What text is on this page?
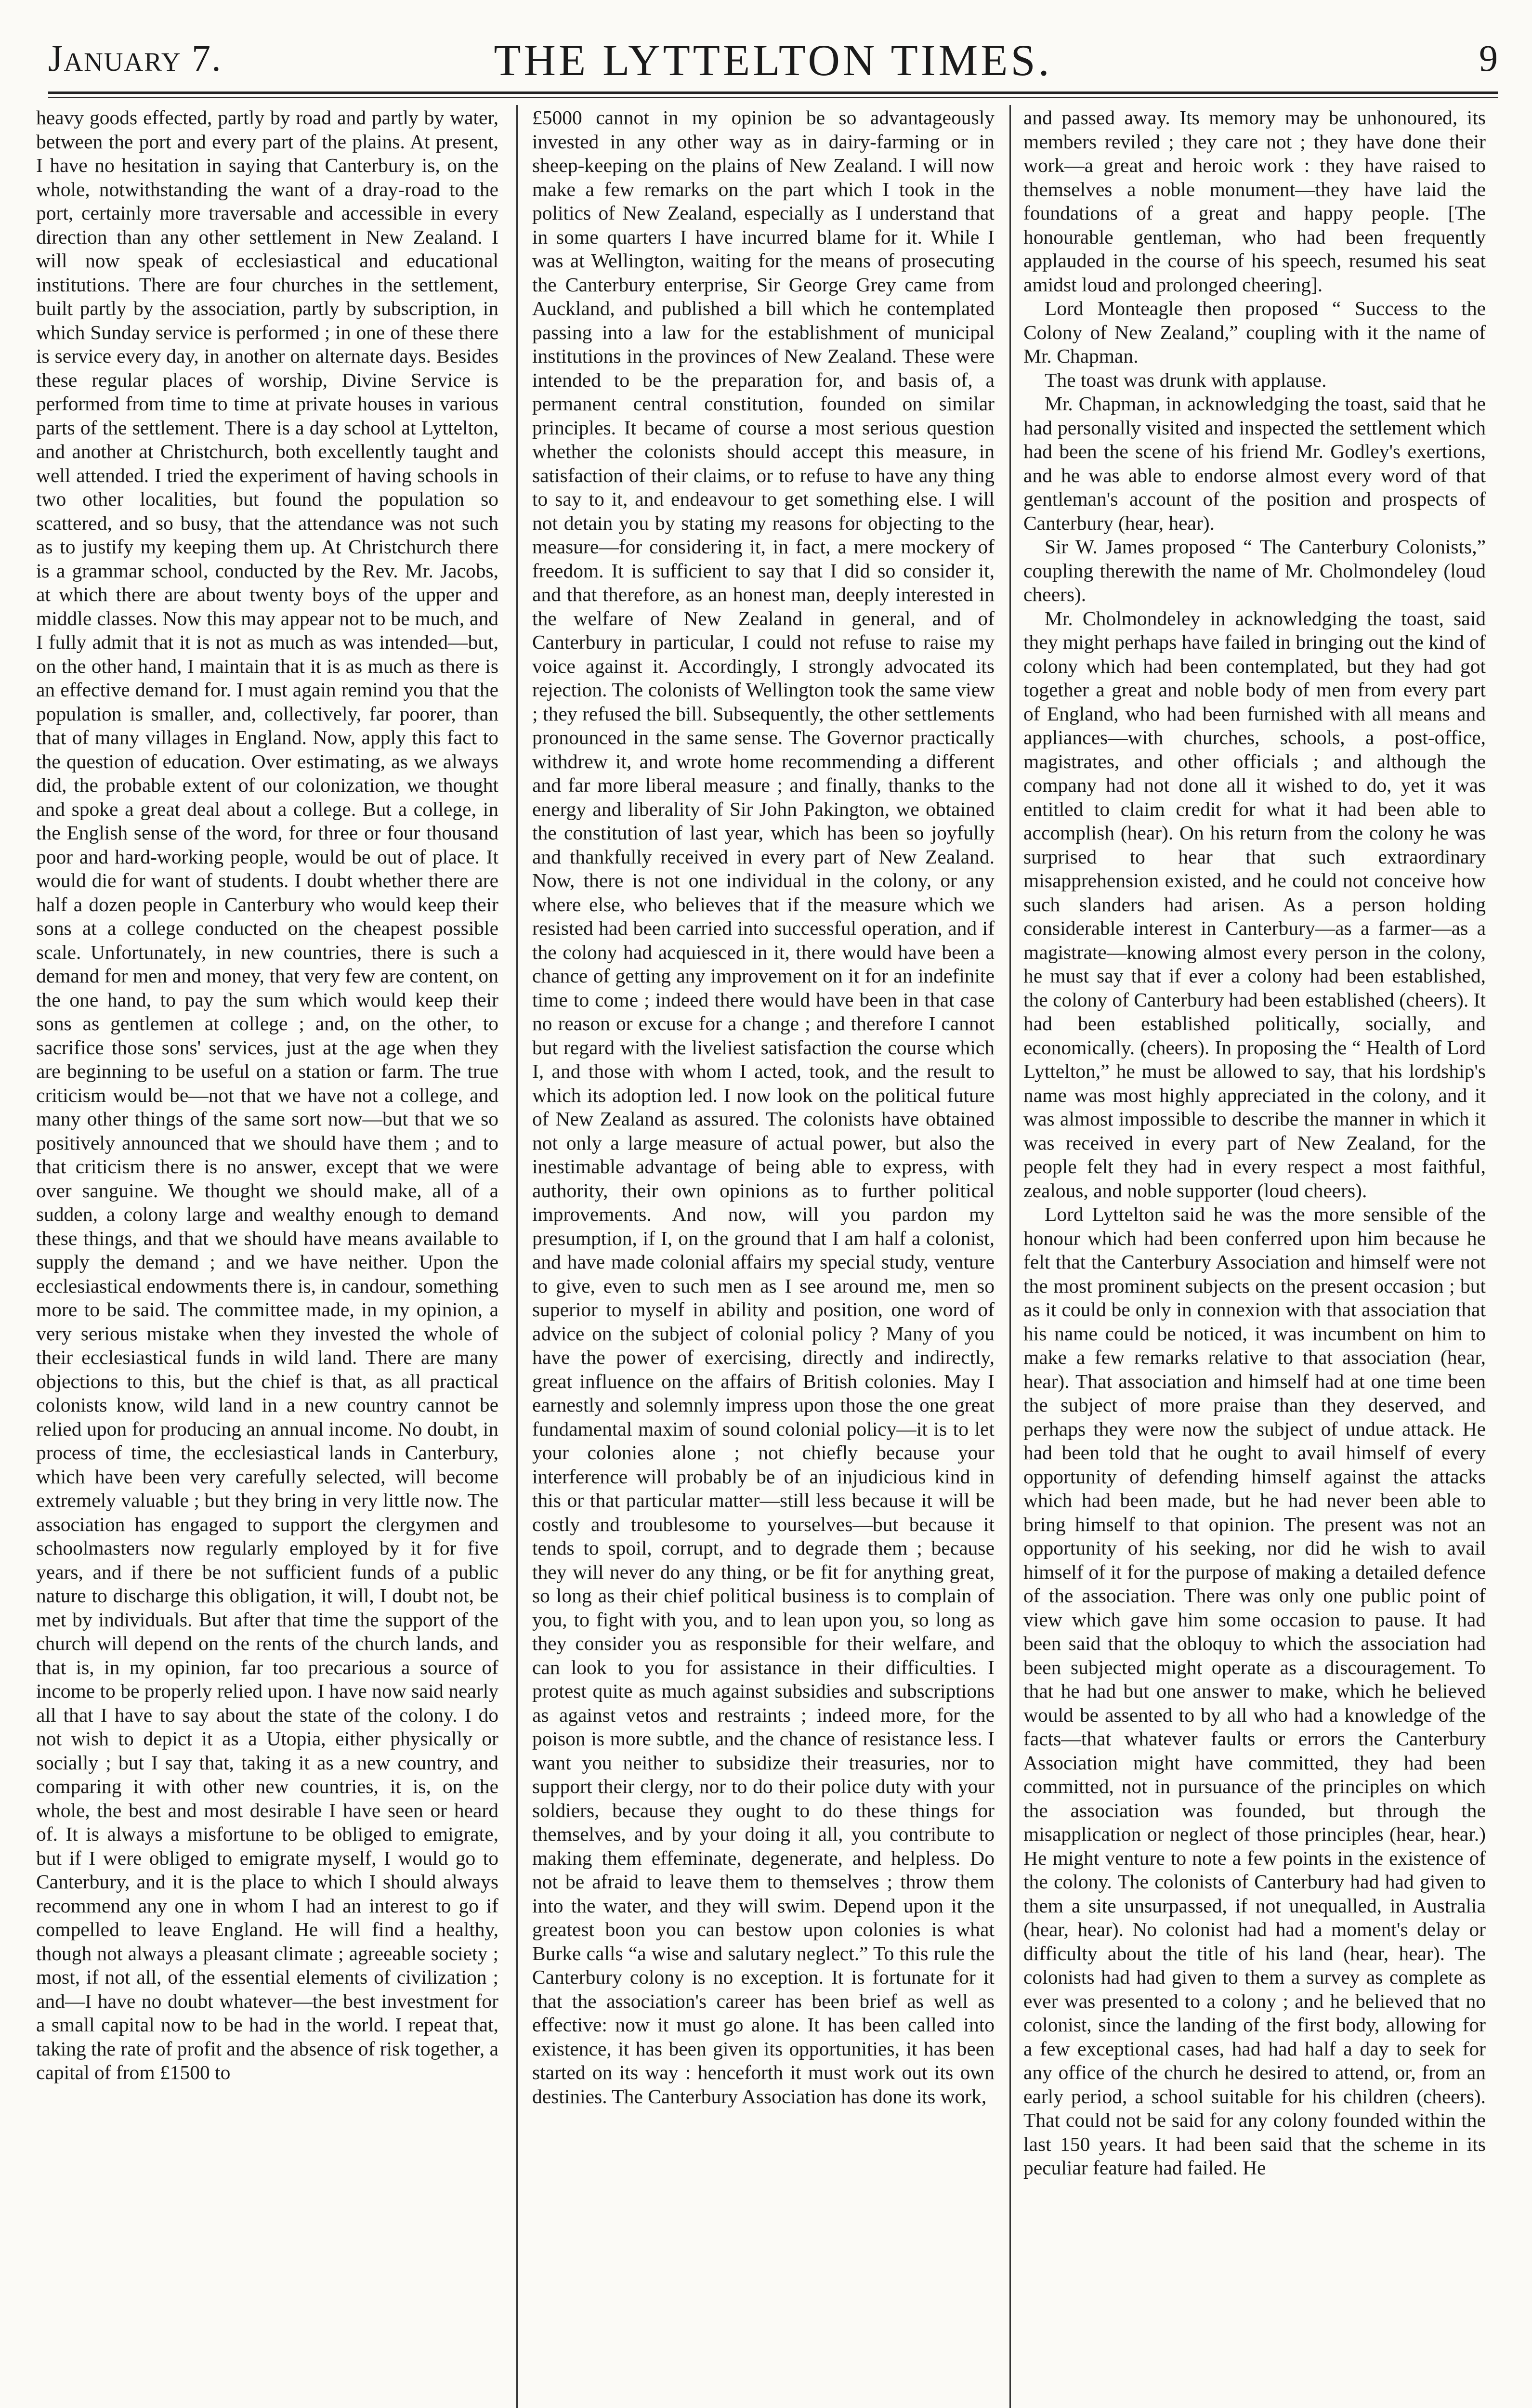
January 7.	THE LYTTELTON TIMES.	9

heavy goods effected, partly by road and partly by water, between the port and every part of the plains. At present, I have no hesitation in saying that Canterbury is, on the whole, notwithstanding the want of a dray-road to the port, certainly more traversable and accessible in every direction than any other settlement in New Zealand. I will now speak of ecclesiastical and educational institutions. There are four churches in the settlement, built partly by the association, partly by subscription, in which Sunday service is performed ; in one of these there is service every day, in another on alternate days. Besides these regular places of worship, Divine Service is performed from time to time at private houses in various parts of the settlement. There is a day school at Lyttelton, and another at Christchurch, both excellently taught and well attended. I tried the experiment of having schools in two other localities, but found the population so scattered, and so busy, that the attendance was not such as to justify my keeping them up. At Christchurch there is a grammar school, conducted by the Rev. Mr. Jacobs, at which there are about twenty boys of the upper and middle classes. Now this may appear not to be much, and I fully admit that it is not as much as was intended—but, on the other hand, I maintain that it is as much as there is an effective demand for. I must again remind you that the population is smaller, and, collectively, far poorer, than that of many villages in England. Now, apply this fact to the question of education. Over estimating, as we always did, the probable extent of our colonization, we thought and spoke a great deal about a college. But a college, in the English sense of the word, for three or four thousand poor and hard-working people, would be out of place. It would die for want of students. I doubt whether there are half a dozen people in Canterbury who would keep their sons at a college conducted on the cheapest possible scale. Unfortunately, in new countries, there is such a demand for men and money, that very few are content, on the one hand, to pay the sum which would keep their sons as gentlemen at college ; and, on the other, to sacrifice those sons' services, just at the age when they are beginning to be useful on a station or farm. The true criticism would be—not that we have not a college, and many other things of the same sort now—but that we so positively announced that we should have them ; and to that criticism there is no answer, except that we were over sanguine. We thought we should make, all of a sudden, a colony large and wealthy enough to demand these things, and that we should have means available to supply the demand ; and we have neither. Upon the ecclesiastical endowments there is, in candour, something more to be said. The committee made, in my opinion, a very serious mistake when they invested the whole of their ecclesiastical funds in wild land. There are many objections to this, but the chief is that, as all practical colonists know, wild land in a new country cannot be relied upon for producing an annual income. No doubt, in process of time, the ecclesiastical lands in Canterbury, which have been very carefully selected, will become extremely valuable ; but they bring in very little now. The association has engaged to support the clergymen and schoolmasters now regularly employed by it for five years, and if there be not sufficient funds of a public nature to discharge this obligation, it will, I doubt not, be met by individuals. But after that time the support of the church will depend on the rents of the church lands, and that is, in my opinion, far too precarious a source of income to be properly relied upon. I have now said nearly all that I have to say about the state of the colony. I do not wish to depict it as a Utopia, either physically or socially ; but I say that, taking it as a new country, and comparing it with other new countries, it is, on the whole, the best and most desirable I have seen or heard of. It is always a misfortune to be obliged to emigrate, but if I were obliged to emigrate myself, I would go to Canterbury, and it is the place to which I should always recommend any one in whom I had an interest to go if compelled to leave England. He will find a healthy, though not always a pleasant climate ; agreeable society ; most, if not all, of the essential elements of civilization ; and—I have no doubt whatever—the best investment for a small capital now to be had in the world. I repeat that, taking the rate of profit and the absence of risk together, a capital of from £1500 to

£5000 cannot in my opinion be so advantageously invested in any other way as in dairy-farming or in sheep-keeping on the plains of New Zealand. I will now make a few remarks on the part which I took in the politics of New Zealand, especially as I understand that in some quarters I have incurred blame for it. While I was at Wellington, waiting for the means of prosecuting the Canterbury enterprise, Sir George Grey came from Auckland, and published a bill which he contemplated passing into a law for the establishment of municipal institutions in the provinces of New Zealand. These were intended to be the preparation for, and basis of, a permanent central constitution, founded on similar principles. It became of course a most serious question whether the colonists should accept this measure, in satisfaction of their claims, or to refuse to have any thing to say to it, and endeavour to get something else. I will not detain you by stating my reasons for objecting to the measure—for considering it, in fact, a mere mockery of freedom. It is sufficient to say that I did so consider it, and that therefore, as an honest man, deeply interested in the welfare of New Zealand in general, and of Canterbury in particular, I could not refuse to raise my voice against it. Accordingly, I strongly advocated its rejection. The colonists of Wellington took the same view ; they refused the bill. Subsequently, the other settlements pronounced in the same sense. The Governor practically withdrew it, and wrote home recommending a different and far more liberal measure ; and finally, thanks to the energy and liberality of Sir John Pakington, we obtained the constitution of last year, which has been so joyfully and thankfully received in every part of New Zealand. Now, there is not one individual in the colony, or any where else, who believes that if the measure which we resisted had been carried into successful operation, and if the colony had acquiesced in it, there would have been a chance of getting any improvement on it for an indefinite time to come ; indeed there would have been in that case no reason or excuse for a change ; and therefore I cannot but regard with the liveliest satisfaction the course which I, and those with whom I acted, took, and the result to which its adoption led. I now look on the political future of New Zealand as assured. The colonists have obtained not only a large measure of actual power, but also the inestimable advantage of being able to express, with authority, their own opinions as to further political improvements. And now, will you pardon my presumption, if I, on the ground that I am half a colonist, and have made colonial affairs my special study, venture to give, even to such men as I see around me, men so superior to myself in ability and position, one word of advice on the subject of colonial policy ? Many of you have the power of exercising, directly and indirectly, great influence on the affairs of British colonies. May I earnestly and solemnly impress upon those the one great fundamental maxim of sound colonial policy—it is to let your colonies alone ; not chiefly because your interference will probably be of an injudicious kind in this or that particular matter—still less because it will be costly and troublesome to yourselves—but because it tends to spoil, corrupt, and to degrade them ; because they will never do any thing, or be fit for anything great, so long as their chief political business is to complain of you, to fight with you, and to lean upon you, so long as they consider you as responsible for their welfare, and can look to you for assistance in their difficulties. I protest quite as much against subsidies and subscriptions as against vetos and restraints ; indeed more, for the poison is more subtle, and the chance of resistance less. I want you neither to subsidize their treasuries, nor to support their clergy, nor to do their police duty with your soldiers, because they ought to do these things for themselves, and by your doing it all, you contribute to making them effeminate, degenerate, and helpless. Do not be afraid to leave them to themselves ; throw them into the water, and they will swim. Depend upon it the greatest boon you can bestow upon colonies is what Burke calls “a wise and salutary neglect.” To this rule the Canterbury colony is no exception. It is fortunate for it that the association's career has been brief as well as effective: now it must go alone. It has been called into existence, it has been given its opportunities, it has been started on its way : henceforth it must work out its own destinies. The Canterbury Association has done its work,

and passed away. Its memory may be unhonoured, its members reviled ; they care not ; they have done their work—a great and heroic work : they have raised to themselves a noble monument—they have laid the foundations of a great and happy people. [The honourable gentleman, who had been frequently applauded in the course of his speech, resumed his seat amidst loud and prolonged cheering].

Lord Monteagle then proposed “ Success to the Colony of New Zealand,” coupling with it the name of Mr. Chapman.

The toast was drunk with applause.

Mr. Chapman, in acknowledging the toast, said that he had personally visited and inspected the settlement which had been the scene of his friend Mr. Godley's exertions, and he was able to endorse almost every word of that gentleman's account of the position and prospects of Canterbury (hear, hear).

Sir W. James proposed “ The Canterbury Colonists,” coupling therewith the name of Mr. Cholmondeley (loud cheers).

Mr. Cholmondeley in acknowledging the toast, said they might perhaps have failed in bringing out the kind of colony which had been contemplated, but they had got together a great and noble body of men from every part of England, who had been furnished with all means and appliances—with churches, schools, a post-office, magistrates, and other officials ; and although the company had not done all it wished to do, yet it was entitled to claim credit for what it had been able to accomplish (hear). On his return from the colony he was surprised to hear that such extraordinary misapprehension existed, and he could not conceive how such slanders had arisen. As a person holding considerable interest in Canterbury—as a farmer—as a magistrate—knowing almost every person in the colony, he must say that if ever a colony had been established, the colony of Canterbury had been established (cheers). It had been established politically, socially, and economically. (cheers). In proposing the “ Health of Lord Lyttelton,” he must be allowed to say, that his lordship's name was most highly appreciated in the colony, and it was almost impossible to describe the manner in which it was received in every part of New Zealand, for the people felt they had in every respect a most faithful, zealous, and noble supporter (loud cheers).

Lord Lyttelton said he was the more sensible of the honour which had been conferred upon him because he felt that the Canterbury Association and himself were not the most prominent subjects on the present occasion ; but as it could be only in connexion with that association that his name could be noticed, it was incumbent on him to make a few remarks relative to that association (hear, hear). That association and himself had at one time been the subject of more praise than they deserved, and perhaps they were now the subject of undue attack. He had been told that he ought to avail himself of every opportunity of defending himself against the attacks which had been made, but he had never been able to bring himself to that opinion. The present was not an opportunity of his seeking, nor did he wish to avail himself of it for the purpose of making a detailed defence of the association. There was only one public point of view which gave him some occasion to pause. It had been said that the obloquy to which the association had been subjected might operate as a discouragement. To that he had but one answer to make, which he believed would be assented to by all who had a knowledge of the facts—that whatever faults or errors the Canterbury Association might have committed, they had been committed, not in pursuance of the principles on which the association was founded, but through the misapplication or neglect of those principles (hear, hear.) He might venture to note a few points in the existence of the colony. The colonists of Canterbury had had given to them a site unsurpassed, if not unequalled, in Australia (hear, hear). No colonist had had a moment's delay or difficulty about the title of his land (hear, hear). The colonists had had given to them a survey as complete as ever was presented to a colony ; and he believed that no colonist, since the landing of the first body, allowing for a few exceptional cases, had had half a day to seek for any office of the church he desired to attend, or, from an early period, a school suitable for his children (cheers). That could not be said for any colony founded within the last 150 years. It had been said that the scheme in its peculiar feature had failed. He
